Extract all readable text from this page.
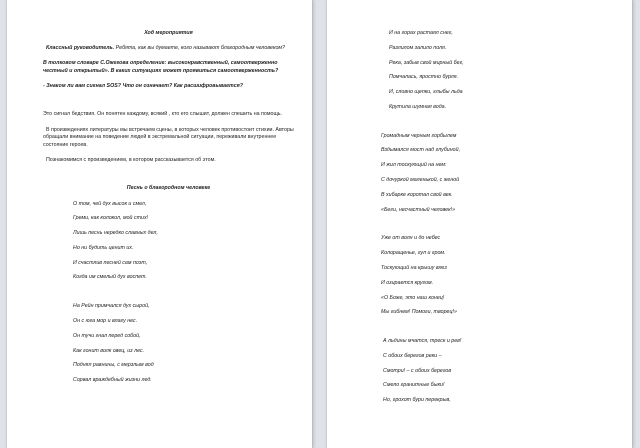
Ход мероприятия

Классный руководитель. Ребята, как вы думаете, кого называют благородным человеком?

В толковом словаре С.Ожегова определение: высоконравственный, самоотверженно честный и открытый». В каких ситуациях может проявиться самоотверженность?

- Знаком ли вам сигнал SOS? Что он означает? Как расшифровывается?

Это сигнал бедствия. Он понятен каждому, всякий , кто его слышит, должен спешить на помощь.

В произведениях литературы мы встречаем сцены, в которых человек противостоит стихии. Авторы обращали внимание на поведение людей в экстремальной ситуации, переживали внутреннее состояние героев.

Познакомимся с произведением, в котором рассказывается об этом.

Песнь о благородном человеке

О том, чей дух высок и смел,

Греми, как колокол, мой стих!

Лишь песнь нередко славных дел,

Но ни будить ценит их.

И счастлив песней сам поэт,

Когда им смелый дух воспет.

На Рейн примчался дух сырой,

Он с юга мор и влагу нес.

Он тучи гнал перед собой,

Как гонит волк овец, из лес.

Поднял равнины, с мерзлым вод

Сорвал враждебный жизни лед.

И на горах растаял снег,

Разлилом залило поля.

Река, забыв свой мирный бег,

Помчалась, яростно бурля.

И, словно щепки, глыбы льда

Крутила шумная вода.

Громадным черным горбылем

Вздымался мост над глубиной,

И жил тоскующий на нем:

С дочуркой маленькой, с женой

В хибарке коротал свой век.

«Беги, несчастный человек!»

Уже от волн и до небес

Колоращенье, гул и гром.

Тоскующий на крышу влез

И озирается кругом.

«О Боже, это наш конец!

Мы гибнем! Помоги, творец!»

А льдины мчатся, треск и рев!

С обоих берегов реки –

Смотри! – с обоих берегов

Смело гранитные быки!

Но, грохот бури перекрыв,
